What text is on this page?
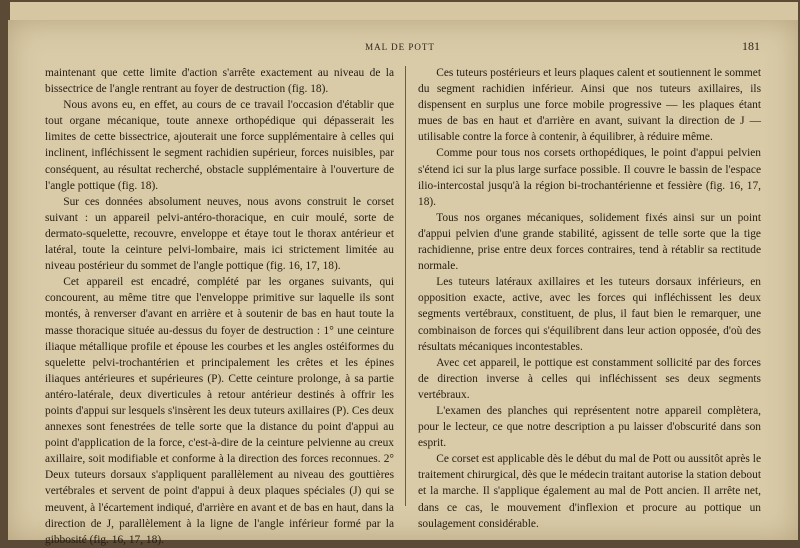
MAL DE POTT	181

maintenant que cette limite d'action s'arrête exactement au niveau de la bissectrice de l'angle rentrant au foyer de destruction (fig. 18).

Nous avons eu, en effet, au cours de ce travail l'occasion d'établir que tout organe mécanique, toute annexe orthopédique qui dépasserait les limites de cette bissectrice, ajouterait une force supplémentaire à celles qui inclinent, infléchissent le segment rachidien supérieur, forces nuisibles, par conséquent, au résultat recherché, obstacle supplémentaire à l'ouverture de l'angle pottique (fig. 18).

Sur ces données absolument neuves, nous avons construit le corset suivant : un appareil pelvi-antéro-thoracique, en cuir moulé, sorte de dermato-squelette, recouvre, enveloppe et étaye tout le thorax antérieur et latéral, toute la ceinture pelvi-lombaire, mais ici strictement limitée au niveau postérieur du sommet de l'angle pottique (fig. 16, 17, 18).

Cet appareil est encadré, complété par les organes suivants, qui concourent, au même titre que l'enveloppe primitive sur laquelle ils sont montés, à renverser d'avant en arrière et à soutenir de bas en haut toute la masse thoracique située au-dessus du foyer de destruction : 1° une ceinture iliaque métallique profile et épouse les courbes et les angles ostéiformes du squelette pelvi-trochantérien et principalement les crêtes et les épines iliaques antérieures et supérieures (P). Cette ceinture prolonge, à sa partie antéro-latérale, deux diverticules à retour antérieur destinés à offrir les points d'appui sur lesquels s'insèrent les deux tuteurs axillaires (P). Ces deux annexes sont fenestrées de telle sorte que la distance du point d'appui au point d'application de la force, c'est-à-dire de la ceinture pelvienne au creux axillaire, soit modifiable et conforme à la direction des forces reconnues. 2° Deux tuteurs dorsaux s'appliquent parallèlement au niveau des gouttières vertébrales et servent de point d'appui à deux plaques spéciales (J) qui se meuvent, à l'écartement indiqué, d'arrière en avant et de bas en haut, dans la direction de J, parallèlement à la ligne de l'angle inférieur formé par la gibbosité (fig. 16, 17, 18).

Ces tuteurs postérieurs et leurs plaques calent et soutiennent le sommet du segment rachidien inférieur. Ainsi que nos tuteurs axillaires, ils dispensent en surplus une force mobile progressive — les plaques étant mues de bas en haut et d'arrière en avant, suivant la direction de J — utilisable contre la force à contenir, à équilibrer, à réduire même.

Comme pour tous nos corsets orthopédiques, le point d'appui pelvien s'étend ici sur la plus large surface possible. Il couvre le bassin de l'espace ilio-intercostal jusqu'à la région bi-trochantérienne et fessière (fig. 16, 17, 18).

Tous nos organes mécaniques, solidement fixés ainsi sur un point d'appui pelvien d'une grande stabilité, agissent de telle sorte que la tige rachidienne, prise entre deux forces contraires, tend à rétablir sa rectitude normale.

Les tuteurs latéraux axillaires et les tuteurs dorsaux inférieurs, en opposition exacte, active, avec les forces qui infléchissent les deux segments vertébraux, constituent, de plus, il faut bien le remarquer, une combinaison de forces qui s'équilibrent dans leur action opposée, d'où des résultats mécaniques incontestables.

Avec cet appareil, le pottique est constamment sollicité par des forces de direction inverse à celles qui infléchissent ses deux segments vertébraux.

L'examen des planches qui représentent notre appareil complètera, pour le lecteur, ce que notre description a pu laisser d'obscurité dans son esprit.

Ce corset est applicable dès le début du mal de Pott ou aussitôt après le traitement chirurgical, dès que le médecin traitant autorise la station debout et la marche. Il s'applique également au mal de Pott ancien. Il arrête net, dans ce cas, le mouvement d'inflexion et procure au pottique un soulagement considérable.
